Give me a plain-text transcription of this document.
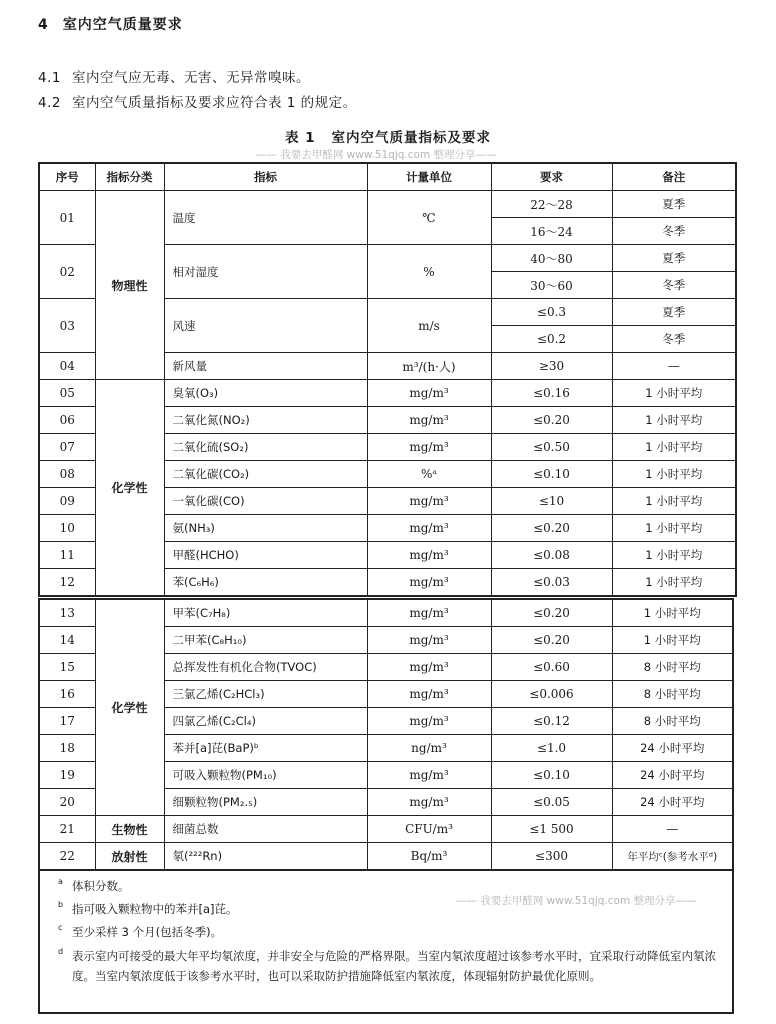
4 室内空气质量要求
4.1 室内空气应无毒、无害、无异常嗅味。
4.2 室内空气质量指标及要求应符合表 1 的规定。
表 1 室内空气质量指标及要求
—— 我要去甲醛网 www.51qjq.com 整理分享——
序号	指标分类	指标	计量单位	要求	备注
01	物理性	温度	℃	22～28	夏季
				16～24	冬季
02		相对湿度	%	40～80	夏季
				30～60	冬季
03		风速	m/s	≤0.3	夏季
				≤0.2	冬季
04		新风量	m³/(h·人)	≥30	—
05	化学性	臭氧(O₃)	mg/m³	≤0.16	1 小时平均
06		二氧化氮(NO₂)	mg/m³	≤0.20	1 小时平均
07		二氧化硫(SO₂)	mg/m³	≤0.50	1 小时平均
08		二氧化碳(CO₂)	%ᵃ	≤0.10	1 小时平均
09		一氧化碳(CO)	mg/m³	≤10	1 小时平均
10		氨(NH₃)	mg/m³	≤0.20	1 小时平均
11		甲醛(HCHO)	mg/m³	≤0.08	1 小时平均
12		苯(C₆H₆)	mg/m³	≤0.03	1 小时平均
13	化学性	甲苯(C₇H₈)	mg/m³	≤0.20	1 小时平均
14		二甲苯(C₈H₁₀)	mg/m³	≤0.20	1 小时平均
15		总挥发性有机化合物(TVOC)	mg/m³	≤0.60	8 小时平均
16		三氯乙烯(C₂HCl₃)	mg/m³	≤0.006	8 小时平均
17		四氯乙烯(C₂Cl₄)	mg/m³	≤0.12	8 小时平均
18		苯并[a]芘(BaP)ᵇ	ng/m³	≤1.0	24 小时平均
19		可吸入颗粒物(PM₁₀)	mg/m³	≤0.10	24 小时平均
20		细颗粒物(PM₂.₅)	mg/m³	≤0.05	24 小时平均
21	生物性	细菌总数	CFU/m³	≤1 500	—
22	放射性	氡(²²²Rn)	Bq/m³	≤300	年平均ᶜ(参考水平ᵈ)
a 体积分数。
b 指可吸入颗粒物中的苯并[a]芘。
c 至少采样 3 个月(包括冬季)。
d 表示室内可接受的最大年平均氡浓度，并非安全与危险的严格界限。当室内氡浓度超过该参考水平时，宜采取行动降低室内氡浓度。当室内氡浓度低于该参考水平时，也可以采取防护措施降低室内氡浓度，体现辐射防护最优化原则。
—— 我要去甲醛网 www.51qjq.com 整理分享——
